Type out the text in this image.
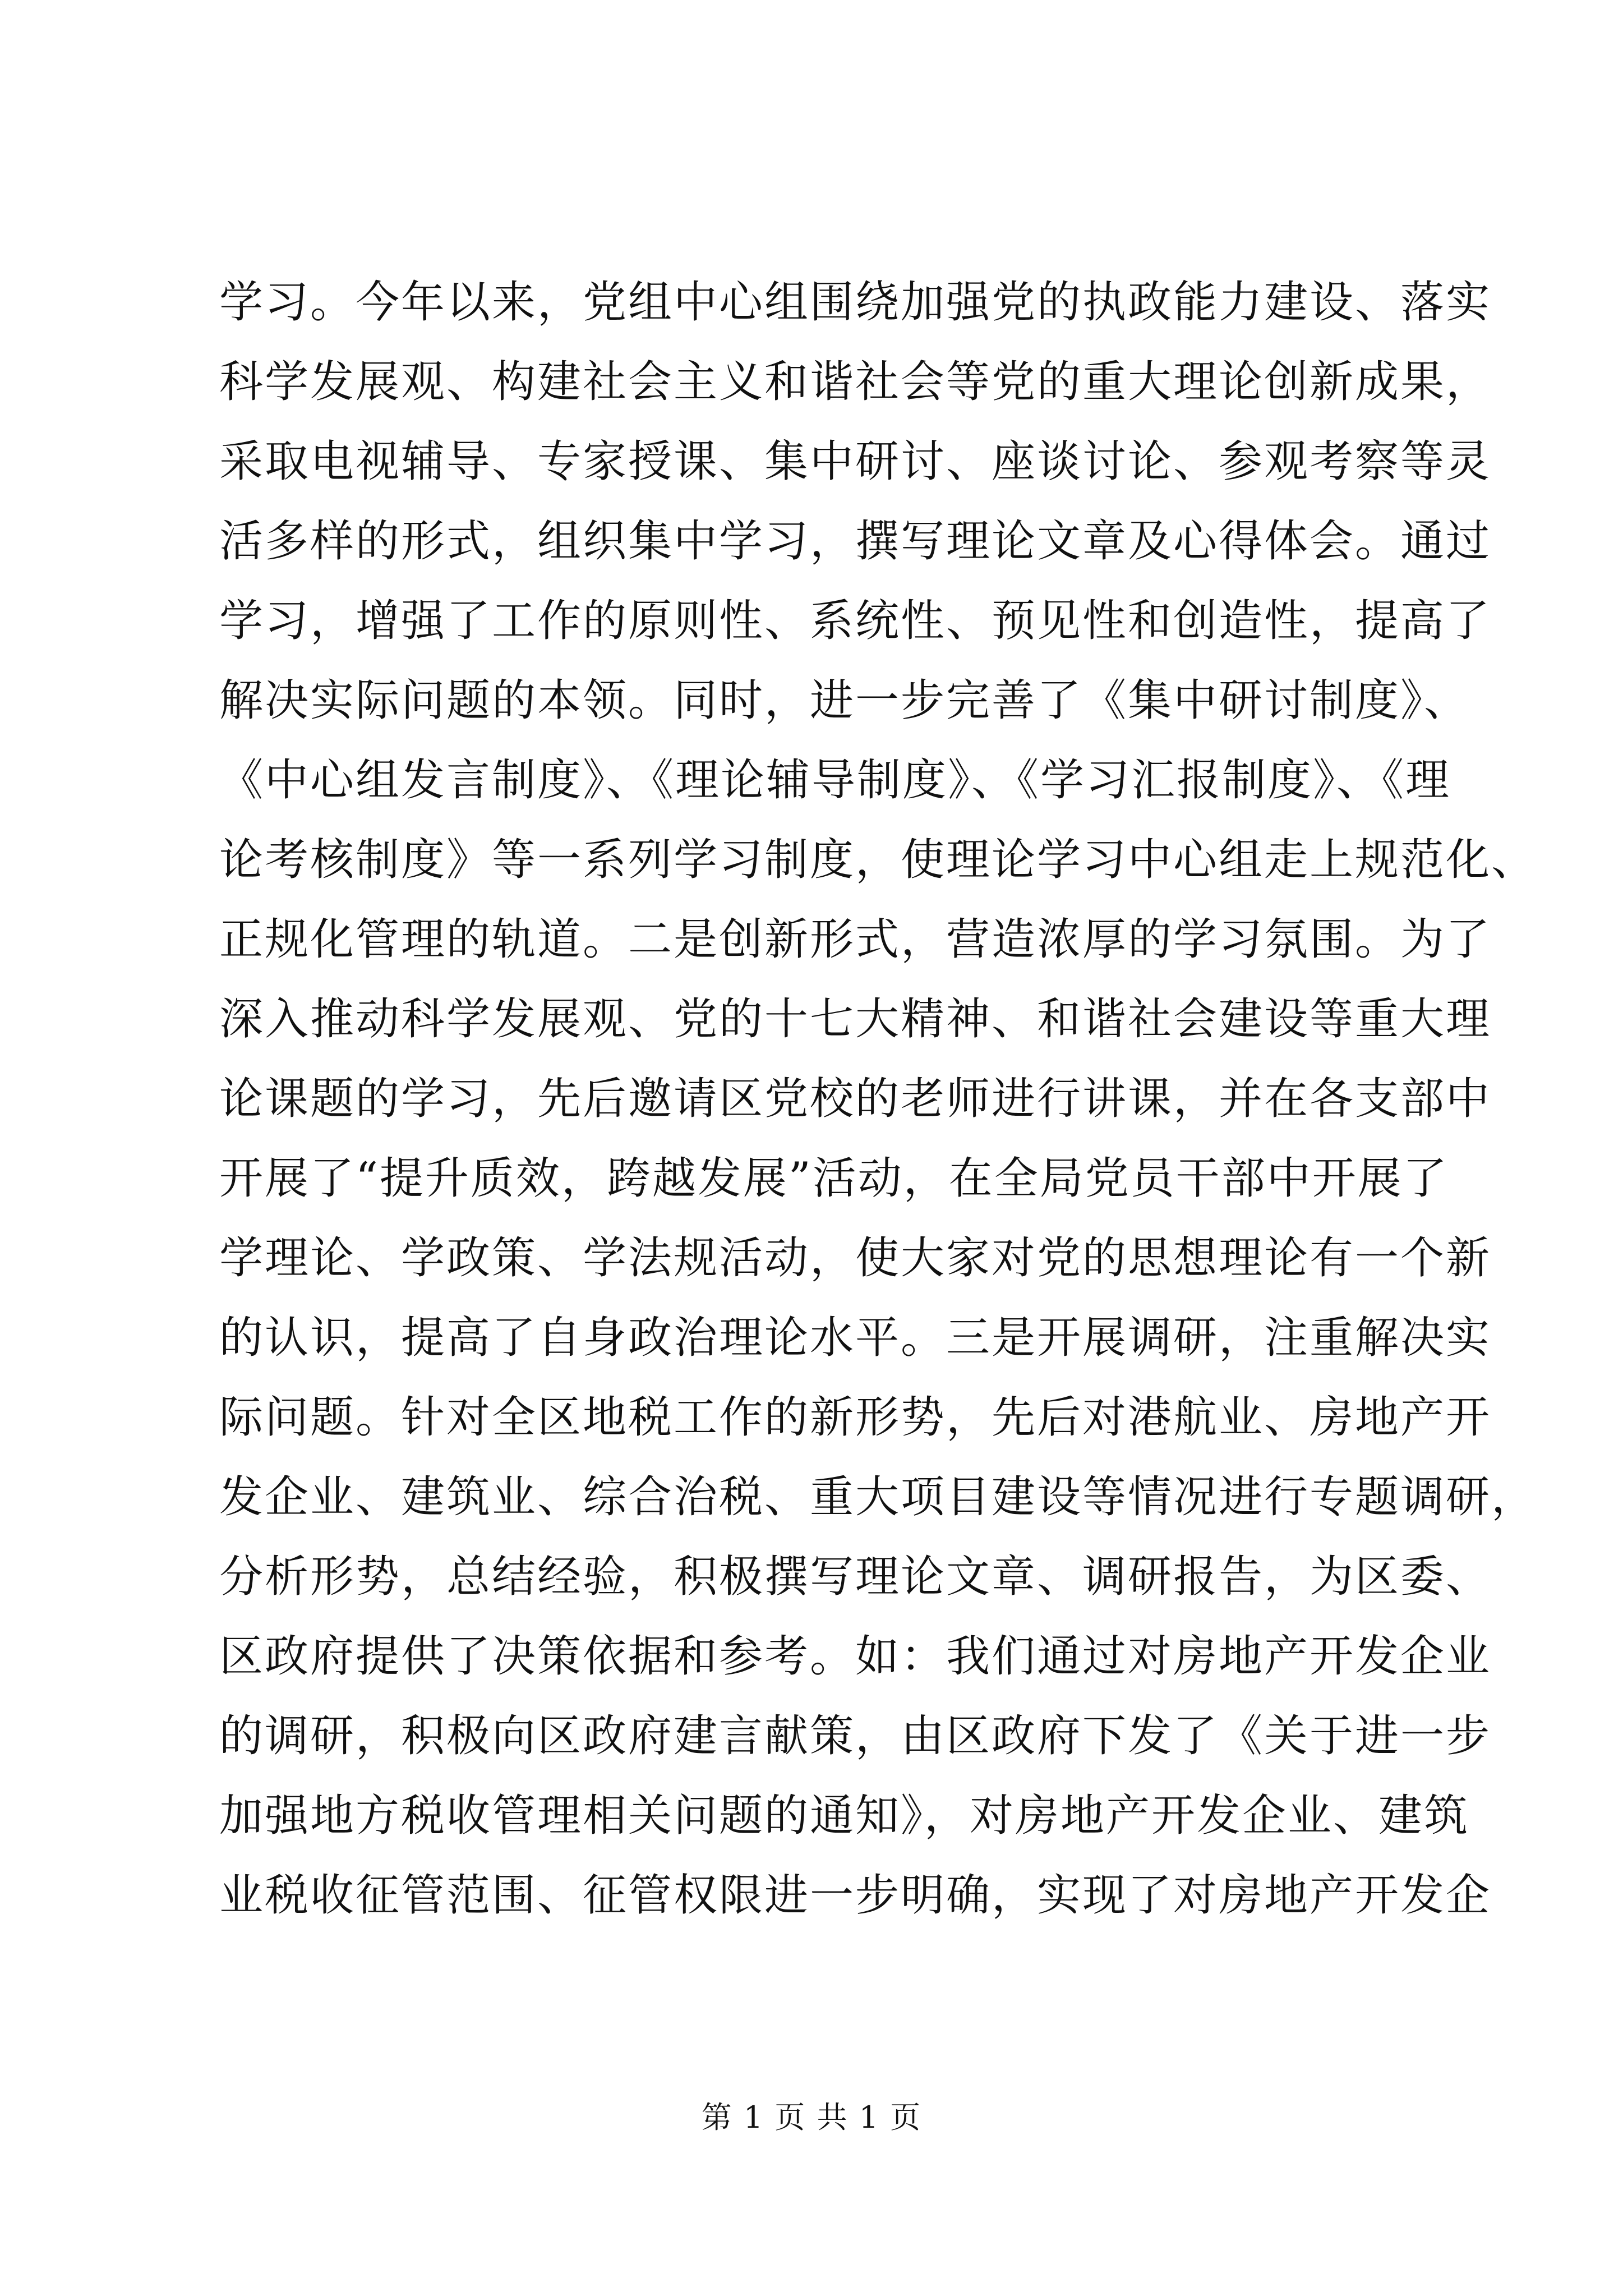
学习。今年以来，党组中心组围绕加强党的执政能力建设、落实
科学发展观、构建社会主义和谐社会等党的重大理论创新成果，
采取电视辅导、专家授课、集中研讨、座谈讨论、参观考察等灵
活多样的形式，组织集中学习，撰写理论文章及心得体会。通过
学习，增强了工作的原则性、系统性、预见性和创造性，提高了
解决实际问题的本领。同时，进一步完善了《集中研讨制度》、
《中心组发言制度》、《理论辅导制度》、《学习汇报制度》、《理
论考核制度》等一系列学习制度，使理论学习中心组走上规范化、
正规化管理的轨道。二是创新形式，营造浓厚的学习氛围。为了
深入推动科学发展观、党的十七大精神、和谐社会建设等重大理
论课题的学习，先后邀请区党校的老师进行讲课，并在各支部中
开展了“提升质效，跨越发展”活动，在全局党员干部中开展了
学理论、学政策、学法规活动，使大家对党的思想理论有一个新
的认识，提高了自身政治理论水平。三是开展调研，注重解决实
际问题。针对全区地税工作的新形势，先后对港航业、房地产开
发企业、建筑业、综合治税、重大项目建设等情况进行专题调研，
分析形势，总结经验，积极撰写理论文章、调研报告，为区委、
区政府提供了决策依据和参考。如：我们通过对房地产开发企业
的调研，积极向区政府建言献策，由区政府下发了《关于进一步
加强地方税收管理相关问题的通知》，对房地产开发企业、建筑
业税收征管范围、征管权限进一步明确，实现了对房地产开发企
第 1 页 共 1 页
